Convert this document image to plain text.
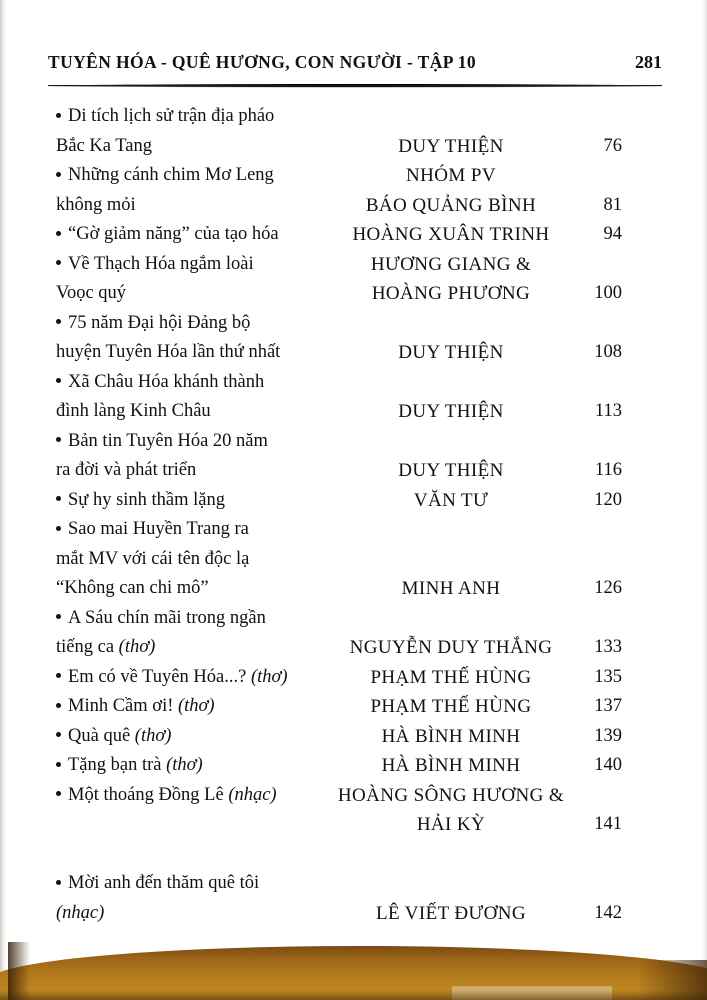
TUYÊN HÓA - QUÊ HƯƠNG, CON NGƯỜI - TẬP 10	281
Di tích lịch sử trận địa pháo
Bắc Ka Tang	DUY THIỆN	76
Những cánh chim Mơ Leng	NHÓM PV
không mỏi	BÁO QUẢNG BÌNH	81
“Gờ giảm năng” của tạo hóa	HOÀNG XUÂN TRINH	94
Về Thạch Hóa ngắm loài	HƯƠNG GIANG &
Voọc quý	HOÀNG PHƯƠNG	100
75 năm Đại hội Đảng bộ
huyện Tuyên Hóa lần thứ nhất	DUY THIỆN	108
Xã Châu Hóa khánh thành
đình làng Kinh Châu	DUY THIỆN	113
Bản tin Tuyên Hóa 20 năm
ra đời và phát triển	DUY THIỆN	116
Sự hy sinh thầm lặng	VĂN TƯ	120
Sao mai Huyền Trang ra
mắt MV với cái tên độc lạ
“Không can chi mô”	MINH ANH	126
A Sáu chín mãi trong ngần
tiếng ca (thơ)	NGUYỄN DUY THẮNG	133
Em có về Tuyên Hóa...? (thơ)	PHẠM THẾ HÙNG	135
Minh Cầm ơi! (thơ)	PHẠM THẾ HÙNG	137
Quà quê (thơ)	HÀ BÌNH MINH	139
Tặng bạn trà (thơ)	HÀ BÌNH MINH	140
Một thoáng Đồng Lê (nhạc)	HOÀNG SÔNG HƯƠNG &
HẢI KỲ	141
Mời anh đến thăm quê tôi
(nhạc)	LÊ VIẾT ĐƯƠNG	142
